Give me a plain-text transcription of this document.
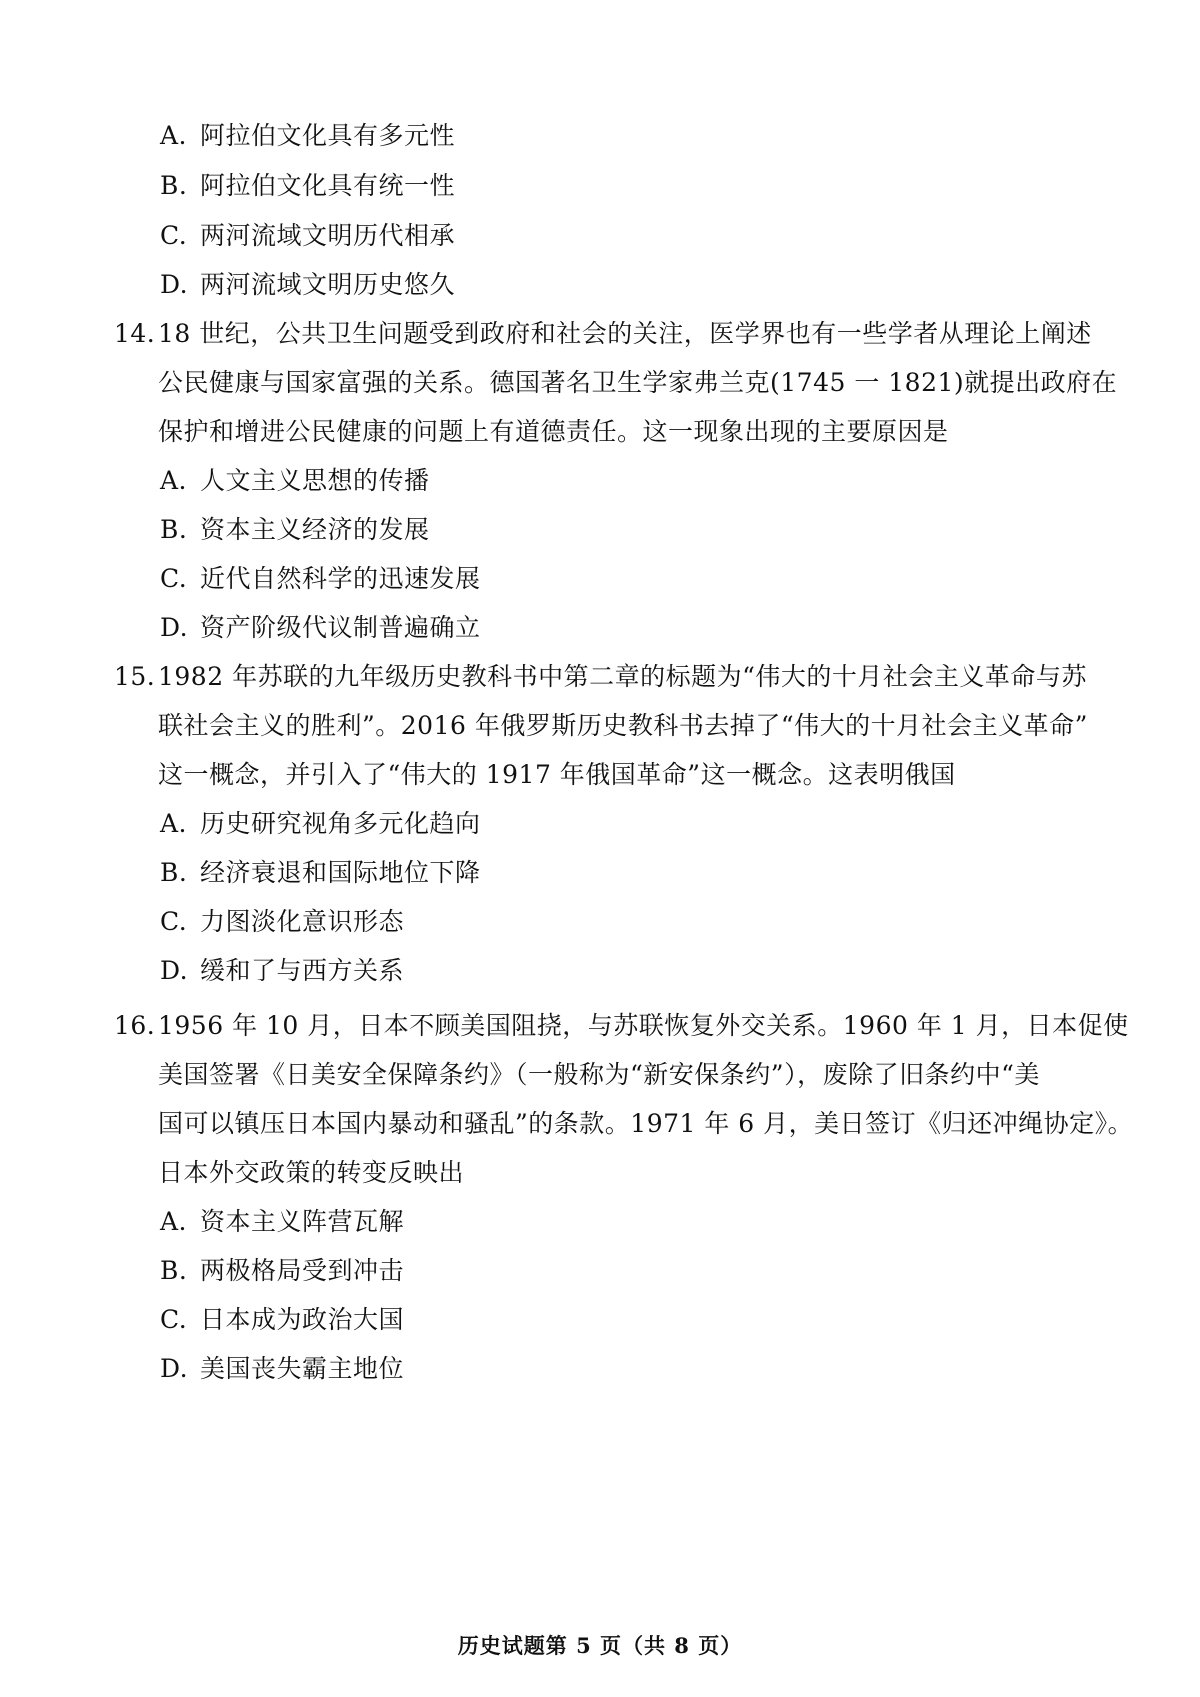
A. 阿拉伯文化具有多元性
B. 阿拉伯文化具有统一性
C. 两河流域文明历代相承
D. 两河流域文明历史悠久
14. 18 世纪，公共卫生问题受到政府和社会的关注，医学界也有一些学者从理论上阐述
公民健康与国家富强的关系。德国著名卫生学家弗兰克(1745 一 1821)就提出政府在
保护和增进公民健康的问题上有道德责任。这一现象出现的主要原因是
A. 人文主义思想的传播
B. 资本主义经济的发展
C. 近代自然科学的迅速发展
D. 资产阶级代议制普遍确立
15. 1982 年苏联的九年级历史教科书中第二章的标题为“伟大的十月社会主义革命与苏
联社会主义的胜利”。2016 年俄罗斯历史教科书去掉了“伟大的十月社会主义革命”
这一概念，并引入了“伟大的 1917 年俄国革命”这一概念。这表明俄国
A. 历史研究视角多元化趋向
B. 经济衰退和国际地位下降
C. 力图淡化意识形态
D. 缓和了与西方关系
16. 1956 年 10 月，日本不顾美国阻挠，与苏联恢复外交关系。1960 年 1 月，日本促使
美国签署《日美安全保障条约》（一般称为“新安保条约”），废除了旧条约中“美
国可以镇压日本国内暴动和骚乱”的条款。1971 年 6 月，美日签订《归还冲绳协定》。
日本外交政策的转变反映出
A. 资本主义阵营瓦解
B. 两极格局受到冲击
C. 日本成为政治大国
D. 美国丧失霸主地位
历史试题第 5 页（共 8 页）
